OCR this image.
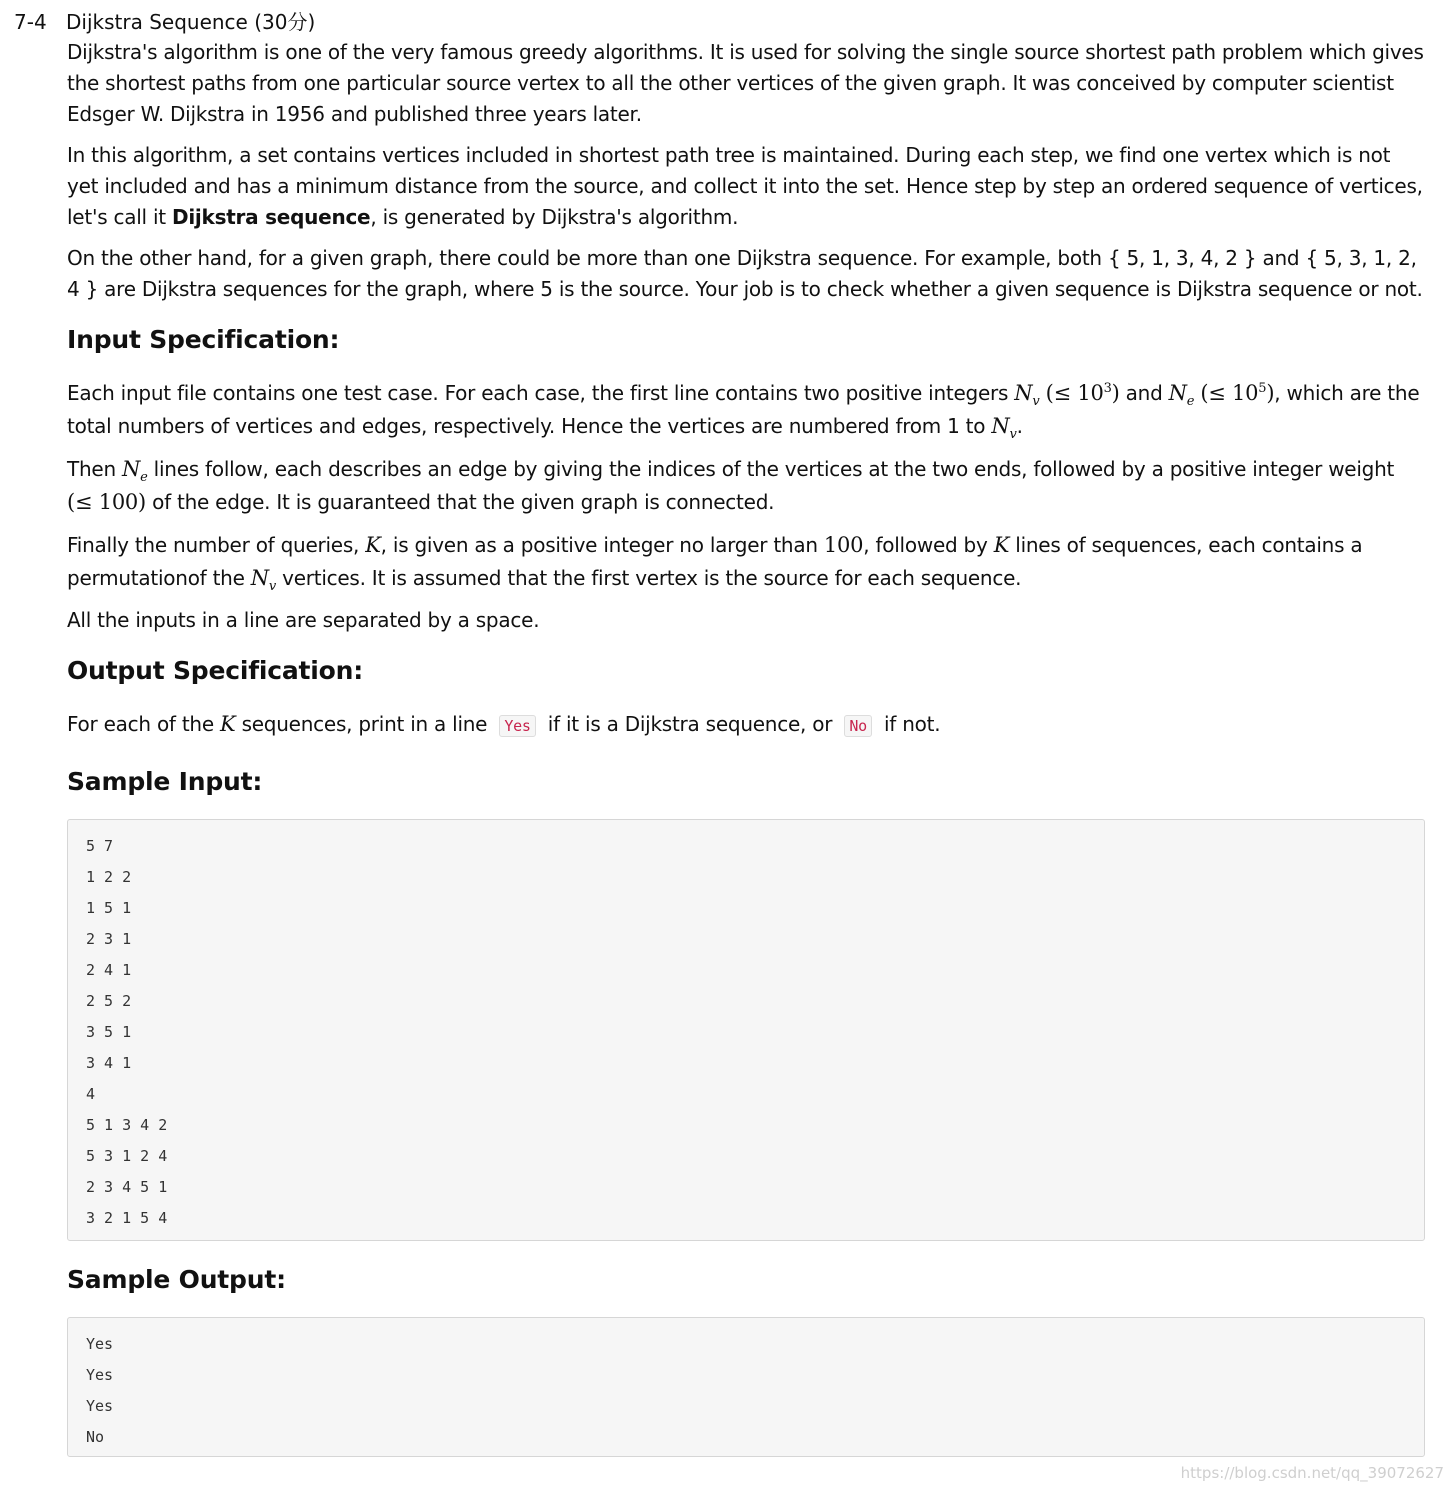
7-4 Dijkstra Sequence (30分)

Dijkstra's algorithm is one of the very famous greedy algorithms. It is used for solving the single source shortest path problem which gives the shortest paths from one particular source vertex to all the other vertices of the given graph. It was conceived by computer scientist Edsger W. Dijkstra in 1956 and published three years later.

In this algorithm, a set contains vertices included in shortest path tree is maintained. During each step, we find one vertex which is not yet included and has a minimum distance from the source, and collect it into the set. Hence step by step an ordered sequence of vertices, let's call it Dijkstra sequence, is generated by Dijkstra's algorithm.

On the other hand, for a given graph, there could be more than one Dijkstra sequence. For example, both { 5, 1, 3, 4, 2 } and { 5, 3, 1, 2, 4 } are Dijkstra sequences for the graph, where 5 is the source. Your job is to check whether a given sequence is Dijkstra sequence or not.

Input Specification:

Each input file contains one test case. For each case, the first line contains two positive integers $N_v$ (≤ $10^3$) and $N_e$ (≤ $10^5$), which are the total numbers of vertices and edges, respectively. Hence the vertices are numbered from 1 to $N_v$.

Then $N_e$ lines follow, each describes an edge by giving the indices of the vertices at the two ends, followed by a positive integer weight (≤ 100) of the edge. It is guaranteed that the given graph is connected.

Finally the number of queries, K, is given as a positive integer no larger than 100, followed by K lines of sequences, each contains a permutationof the $N_v$ vertices. It is assumed that the first vertex is the source for each sequence.

All the inputs in a line are separated by a space.

Output Specification:

For each of the K sequences, print in a line Yes if it is a Dijkstra sequence, or No if not.

Sample Input:
5 7
1 2 2
1 5 1
2 3 1
2 4 1
2 5 2
3 5 1
3 4 1
4
5 1 3 4 2
5 3 1 2 4
2 3 4 5 1
3 2 1 5 4
Sample Output:
Yes
Yes
Yes
No
https://blog.csdn.net/qq_39072627
